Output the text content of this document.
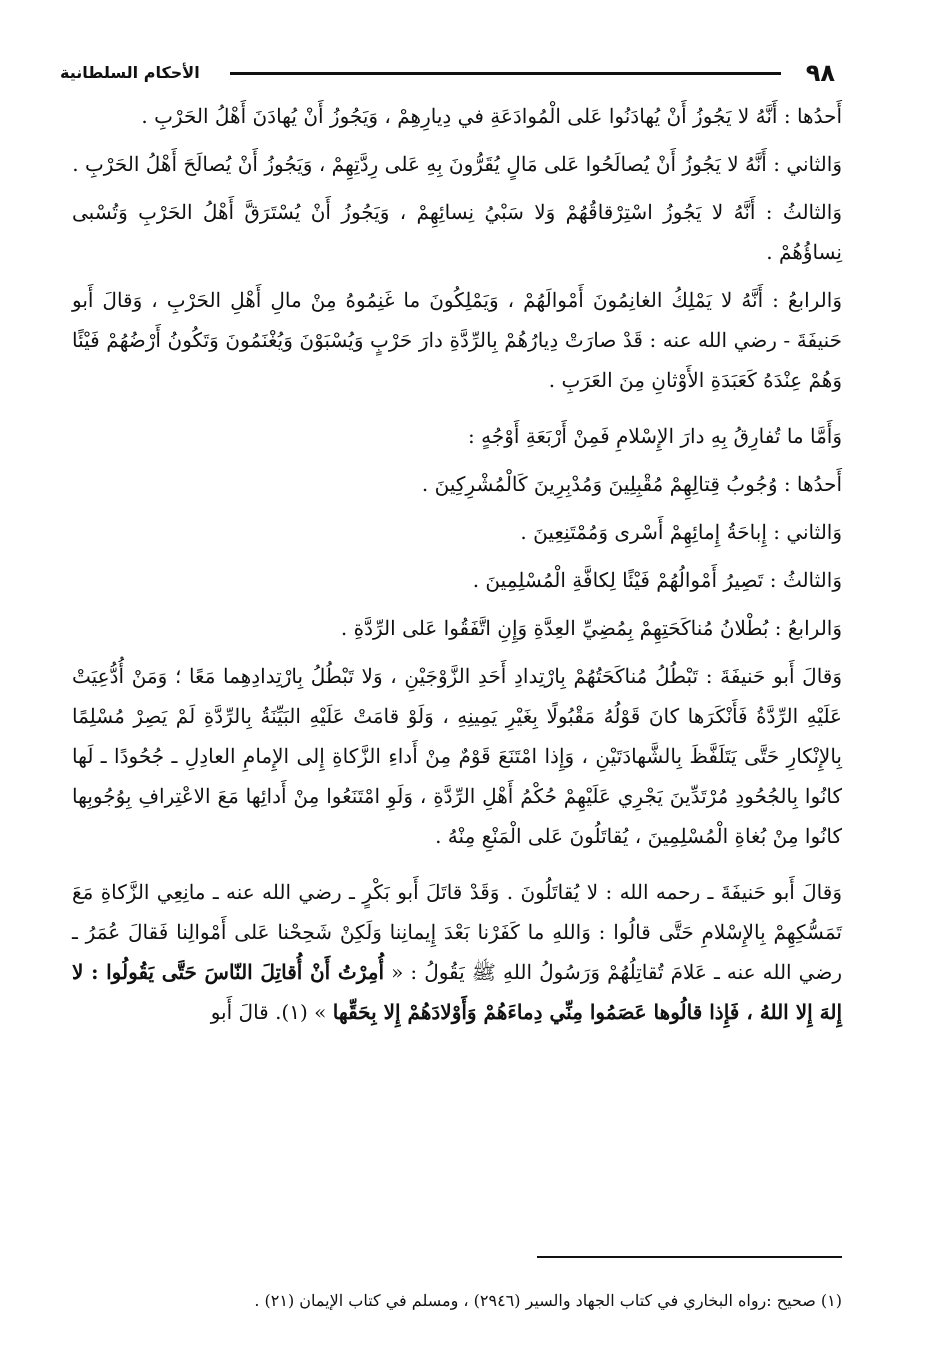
٩٨
الأحكام السلطانية

أَحدُها : أَنَّهُ لا يَجُوزُ أَنْ يُهادَنُوا عَلى الْمُوادَعَةِ في دِيارِهِمْ ، وَيَجُوزُ أَنْ يُهادَنَ أَهْلُ الحَرْبِ .

وَالثاني : أَنَّهُ لا يَجُوزُ أَنْ يُصالَحُوا عَلى مَالٍ يُقَرُّونَ بِهِ عَلى رِدَّتِهِمْ ، وَيَجُوزُ أَنْ يُصالَحَ أَهْلُ الحَرْبِ .

وَالثالثُ : أَنَّهُ لا يَجُوزُ اسْتِرْقاقُهُمْ وَلا سَبْيُ نِسائِهِمْ ، وَيَجُوزُ أَنْ يُسْتَرَقَّ أَهْلُ الحَرْبِ وَتُسْبى نِساؤُهُمْ .

وَالرابعُ : أَنَّهُ لا يَمْلِكُ الغانِمُونَ أَمْوالَهُمْ ، وَيَمْلِكُونَ ما غَنِمُوهُ مِنْ مالِ أَهْلِ الحَرْبِ ، وَقالَ أَبو حَنيفَةَ - رضي الله عنه : قَدْ صارَتْ دِيارُهُمْ بِالرِّدَّةِ دارَ حَرْبٍ وَيُسْبَوْنَ وَيُغْنَمُونَ وَتَكُونُ أَرْضُهُمْ فَيْئًا وَهُمْ عِنْدَهُ كَعَبَدَةِ الأَوْثانِ مِنَ العَرَبِ .

وَأَمَّا ما تُفارِقُ بِهِ دارَ الإِسْلامِ فَمِنْ أَرْبَعَةِ أَوْجُهٍ :

أَحدُها : وُجُوبُ قِتالِهِمْ مُقْبِلِينَ وَمُدْبِرِينَ كَالْمُشْرِكِينَ .

وَالثاني : إِباحَةُ إِمائِهِمْ أَسْرى وَمُمْتَنِعِينَ .

وَالثالثُ : تَصِيرُ أَمْوالُهُمْ فَيْئًا لِكافَّةِ الْمُسْلِمِينَ .

وَالرابعُ : بُطْلانُ مُناكَحَتِهِمْ بِمُضِيِّ العِدَّةِ وَإِنِ اتَّفَقُوا عَلى الرِّدَّةِ .

وَقالَ أَبو حَنيفَةَ : تَبْطُلُ مُناكَحَتُهُمْ بِارْتِدادِ أَحَدِ الزَّوْجَيْنِ ، وَلا تَبْطُلُ بِارْتِدادِهِما مَعًا ؛ وَمَنْ أُدُّعِيَتْ عَلَيْهِ الرِّدَّةُ فَأَنْكَرَها كانَ قَوْلُهُ مَقْبُولًا بِغَيْرِ يَمِينِهِ ، وَلَوْ قامَتْ عَلَيْهِ البَيِّنَةُ بِالرِّدَّةِ لَمْ يَصِرْ مُسْلِمًا بِالإِنْكارِ حَتَّى يَتَلَفَّظَ بِالشَّهادَتَيْنِ ، وَإِذا امْتَنَعَ قَوْمٌ مِنْ أَداءِ الزَّكاةِ إِلى الإِمامِ العادِلِ ـ جُحُودًا ـ لَها كانُوا بِالجُحُودِ مُرْتَدِّينَ يَجْرِي عَلَيْهِمْ حُكْمُ أَهْلِ الرِّدَّةِ ، وَلَوِ امْتَنَعُوا مِنْ أَدائِها مَعَ الاعْتِرافِ بِوُجُوبِها كانُوا مِنْ بُغاةِ الْمُسْلِمِينَ ، يُقاتَلُونَ عَلى الْمَنْعِ مِنْهُ .

وَقالَ أَبو حَنيفَةَ ـ رحمه الله : لا يُقاتَلُونَ . وَقَدْ قاتَلَ أَبو بَكْرٍ ـ رضي الله عنه ـ مانِعِي الزَّكاةِ مَعَ تَمَسُّكِهِمْ بِالإِسْلامِ حَتَّى قالُوا : وَاللهِ ما كَفَرْنا بَعْدَ إِيمانِنا وَلَكِنْ شَحِحْنا عَلى أَمْوالِنا فَقالَ عُمَرُ ـ رضي الله عنه ـ عَلامَ تُقاتِلُهُمْ وَرَسُولُ اللهِ ﷺ يَقُولُ : « أُمِرْتُ أَنْ أُقاتِلَ النّاسَ حَتَّى يَقُولُوا : لا إِلهَ إِلا اللهُ ، فَإِذا قالُوها عَصَمُوا مِنِّي دِماءَهُمْ وَأَوْلادَهُمْ إِلا بِحَقِّها » (١). قالَ أَبو

(١) صحيح :رواه البخاري في كتاب الجهاد والسير (٢٩٤٦) ، ومسلم في كتاب الإيمان (٢١) .
